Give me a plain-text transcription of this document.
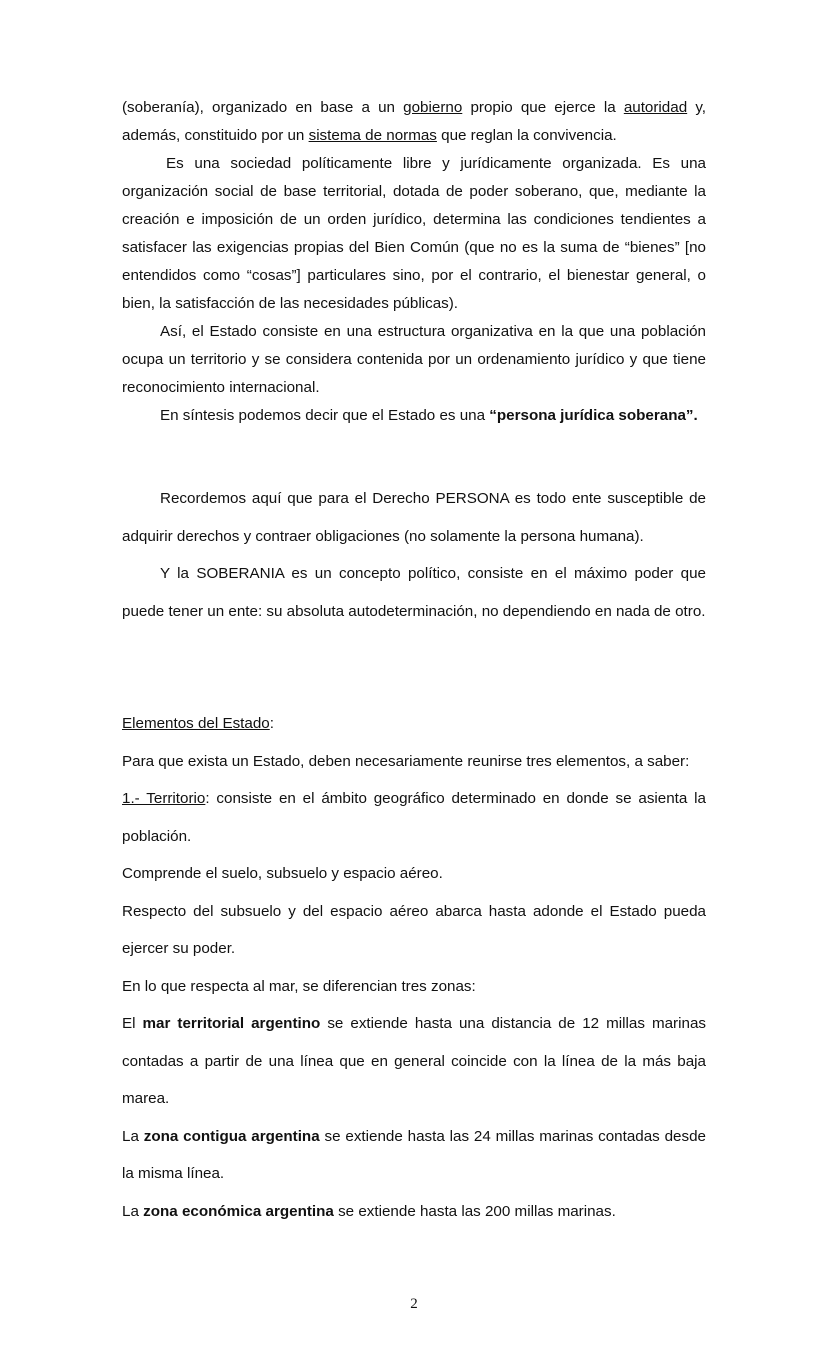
(soberanía), organizado en base a un gobierno propio que ejerce la autoridad y, además, constituido por un sistema de normas que reglan la convivencia.

Es una sociedad políticamente libre y jurídicamente organizada. Es una organización social de base territorial, dotada de poder soberano, que, mediante la creación e imposición de un orden jurídico, determina las condiciones tendientes a satisfacer las exigencias propias del Bien Común (que no es la suma de “bienes” [no entendidos como “cosas”] particulares sino, por el contrario, el bienestar general, o bien, la satisfacción de las necesidades públicas).

Así, el Estado consiste en una estructura organizativa en la que una población ocupa un territorio y se considera contenida por un ordenamiento jurídico y que tiene reconocimiento internacional.

En síntesis podemos decir que el Estado es una “persona jurídica soberana”.

Recordemos aquí que para el Derecho PERSONA es todo ente susceptible de adquirir derechos y contraer obligaciones (no solamente la persona humana).

Y la SOBERANIA es un concepto político, consiste en el máximo poder que puede tener un ente: su absoluta autodeterminación, no dependiendo en nada de otro.

Elementos del Estado:

Para que exista un Estado, deben necesariamente reunirse tres elementos, a saber:

1.- Territorio: consiste en el ámbito geográfico determinado en donde se asienta la población.

Comprende el suelo, subsuelo y espacio aéreo.

Respecto del subsuelo y del espacio aéreo abarca hasta adonde el Estado pueda ejercer su poder.

En lo que respecta al mar, se diferencian tres zonas:

El mar territorial argentino se extiende hasta una distancia de 12 millas marinas contadas a partir de una línea que en general coincide con la línea de la más baja marea.

La zona contigua argentina se extiende hasta las 24 millas marinas contadas desde la misma línea.

La zona económica argentina se extiende hasta las 200 millas marinas.

2
